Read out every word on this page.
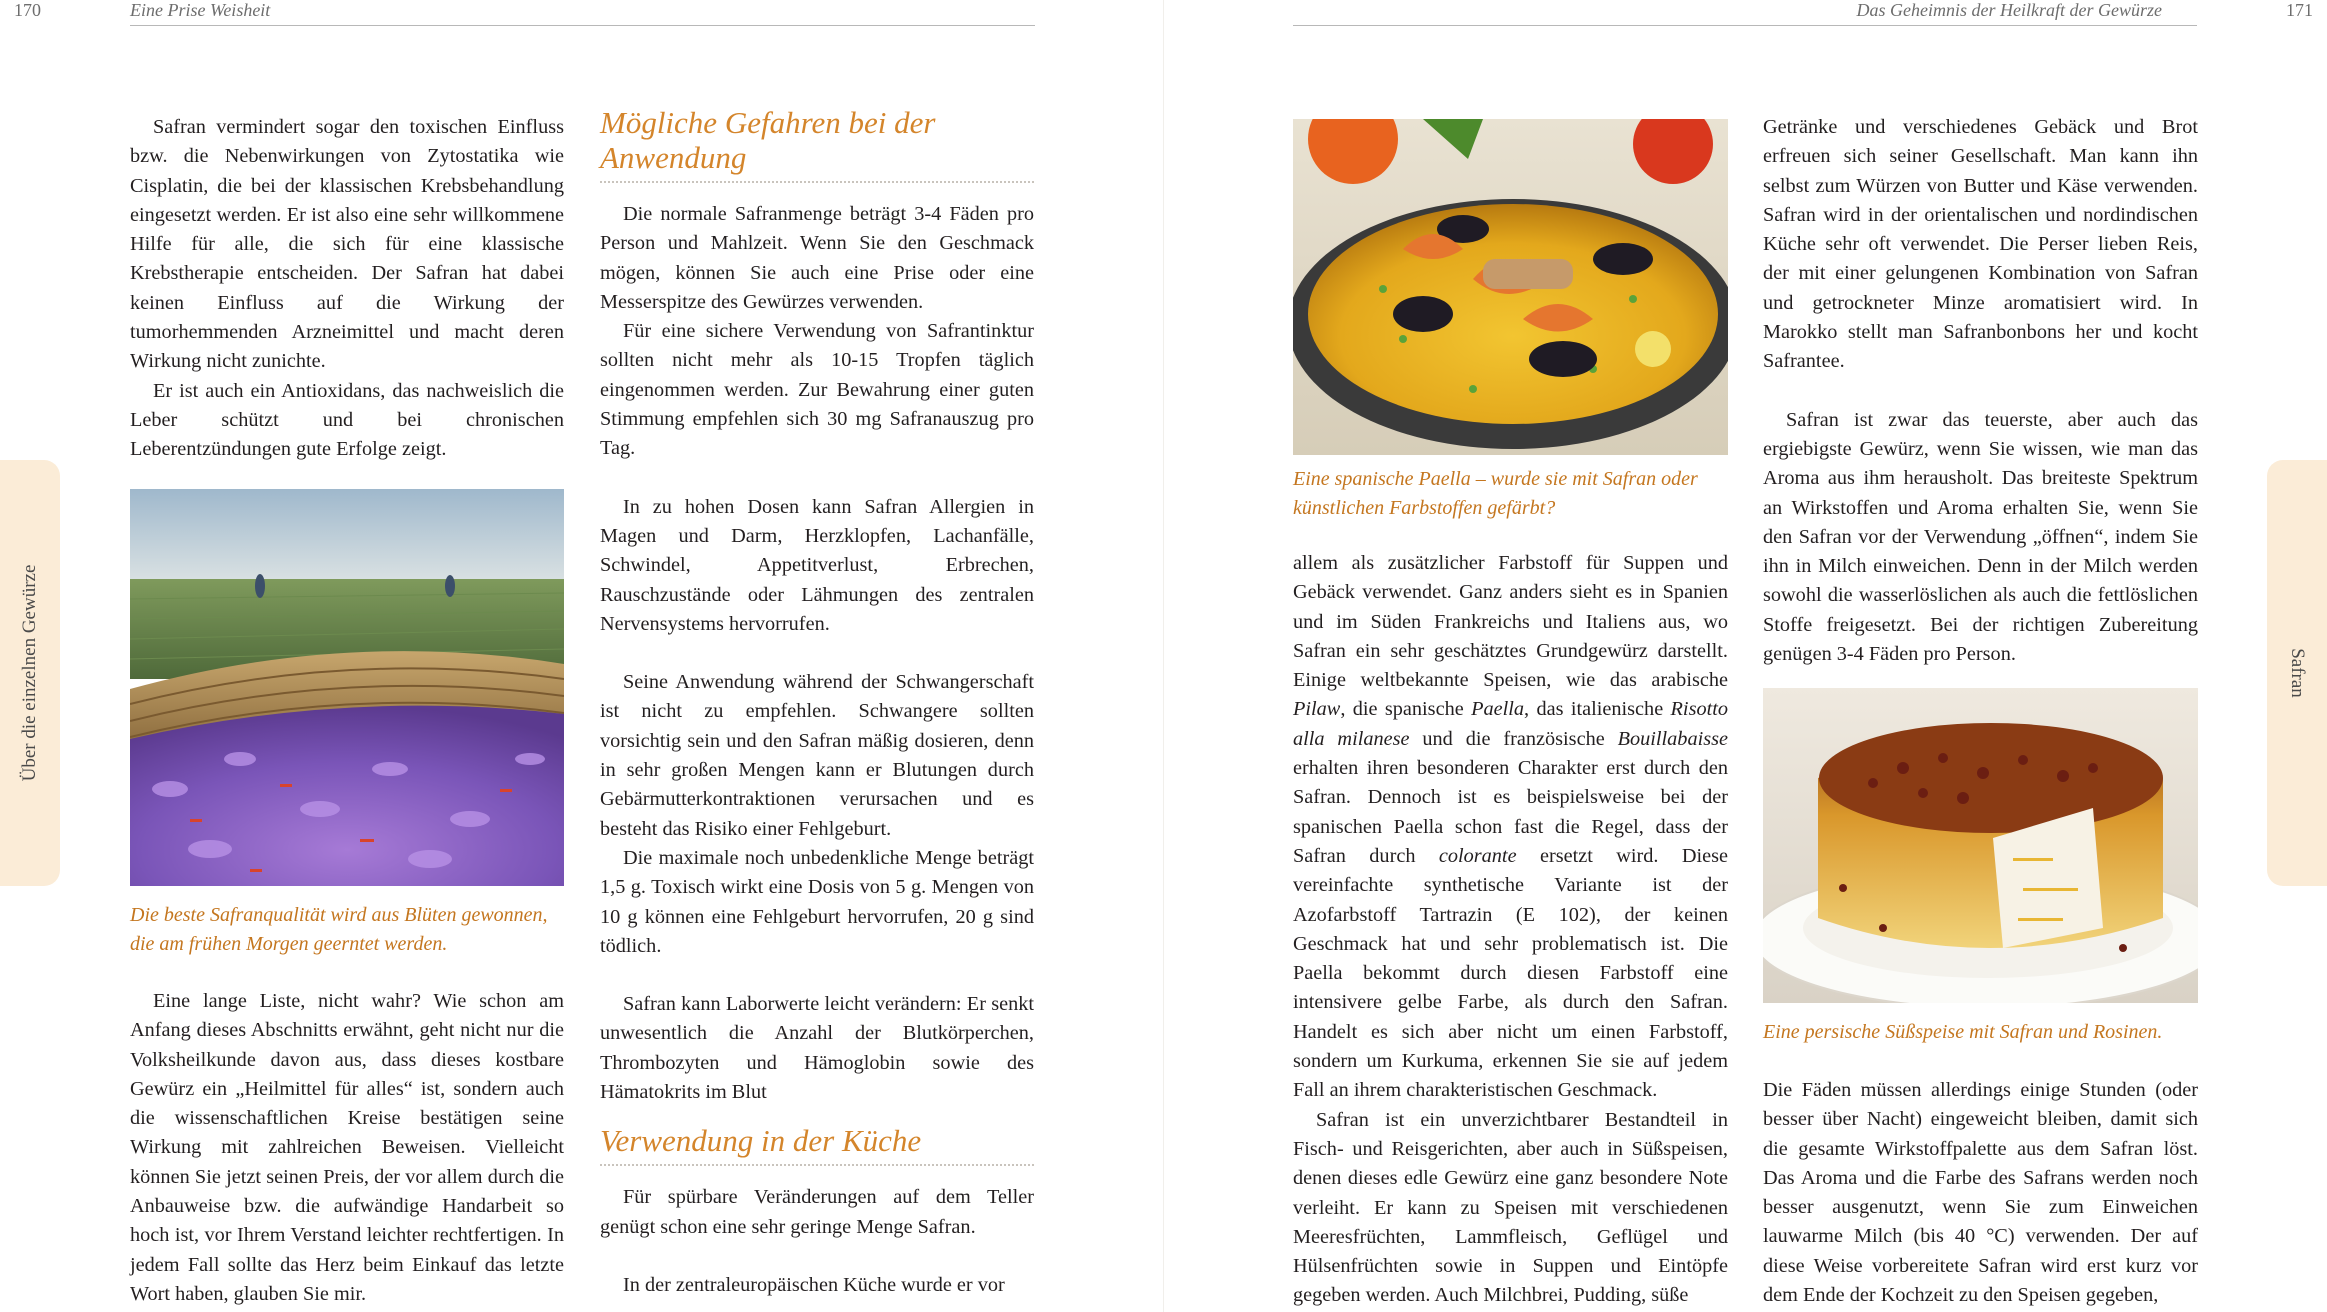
170	Eine Prise Weisheit
Über die einzelnen Gewürze

Safran vermindert sogar den toxischen Einfluss bzw. die Nebenwirkungen von Zytostatika wie Cisplatin, die bei der klassischen Krebsbehandlung eingesetzt werden. Er ist also eine sehr willkommene Hilfe für alle, die sich für eine klassische Krebstherapie entscheiden. Der Safran hat dabei keinen Einfluss auf die Wirkung der tumorhemmenden Arzneimittel und macht deren Wirkung nicht zunichte.

Er ist auch ein Antioxidans, das nachweislich die Leber schützt und bei chronischen Leberentzündungen gute Erfolge zeigt.

Die beste Safranqualität wird aus Blüten gewonnen, die am frühen Morgen geerntet werden.

Eine lange Liste, nicht wahr? Wie schon am Anfang dieses Abschnitts erwähnt, geht nicht nur die Volksheilkunde davon aus, dass dieses kostbare Gewürz ein „Heilmittel für alles“ ist, sondern auch die wissenschaftlichen Kreise bestätigen seine Wirkung mit zahlreichen Beweisen. Vielleicht können Sie jetzt seinen Preis, der vor allem durch die Anbauweise bzw. die aufwändige Handarbeit so hoch ist, vor Ihrem Verstand leichter rechtfertigen. In jedem Fall sollte das Herz beim Einkauf das letzte Wort haben, glauben Sie mir.

Mögliche Gefahren bei der Anwendung

Die normale Safranmenge beträgt 3-4 Fäden pro Person und Mahlzeit. Wenn Sie den Geschmack mögen, können Sie auch eine Prise oder eine Messerspitze des Gewürzes verwenden.

Für eine sichere Verwendung von Safrantinktur sollten nicht mehr als 10-15 Tropfen täglich eingenommen werden. Zur Bewahrung einer guten Stimmung empfehlen sich 30 mg Safranauszug pro Tag.

In zu hohen Dosen kann Safran Allergien in Magen und Darm, Herzklopfen, Lachanfälle, Schwindel, Appetitverlust, Erbrechen, Rauschzustände oder Lähmungen des zentralen Nervensystems hervorrufen.

Seine Anwendung während der Schwangerschaft ist nicht zu empfehlen. Schwangere sollten vorsichtig sein und den Safran mäßig dosieren, denn in sehr großen Mengen kann er Blutungen durch Gebärmutterkontraktionen verursachen und es besteht das Risiko einer Fehlgeburt.

Die maximale noch unbedenkliche Menge beträgt 1,5 g. Toxisch wirkt eine Dosis von 5 g. Mengen von 10 g können eine Fehlgeburt hervorrufen, 20 g sind tödlich.

Safran kann Laborwerte leicht verändern: Er senkt unwesentlich die Anzahl der Blutkörperchen, Thrombozyten und Hämoglobin sowie des Hämatokrits im Blut

Verwendung in der Küche

Für spürbare Veränderungen auf dem Teller genügt schon eine sehr geringe Menge Safran.

In der zentraleuropäischen Küche wurde er vor

Das Geheimnis der Heilkraft der Gewürze	171
Safran
Eine spanische Paella – wurde sie mit Safran oder künstlichen Farbstoffen gefärbt?

allem als zusätzlicher Farbstoff für Suppen und Gebäck verwendet. Ganz anders sieht es in Spanien und im Süden Frankreichs und Italiens aus, wo Safran ein sehr geschätztes Grundgewürz darstellt. Einige weltbekannte Speisen, wie das arabische Pilaw, die spanische Paella, das italienische Risotto alla milanese und die französische Bouillabaisse erhalten ihren besonderen Charakter erst durch den Safran. Dennoch ist es beispielsweise bei der spanischen Paella schon fast die Regel, dass der Safran durch colorante ersetzt wird. Diese vereinfachte synthetische Variante ist der Azofarbstoff Tartrazin (E 102), der keinen Geschmack hat und sehr problematisch ist. Die Paella bekommt durch diesen Farbstoff eine intensivere gelbe Farbe, als durch den Safran. Handelt es sich aber nicht um einen Farbstoff, sondern um Kurkuma, erkennen Sie sie auf jedem Fall an ihrem charakteristischen Geschmack.

Safran ist ein unverzichtbarer Bestandteil in Fisch- und Reisgerichten, aber auch in Süßspeisen, denen dieses edle Gewürz eine ganz besondere Note verleiht. Er kann zu Speisen mit verschiedenen Meeresfrüchten, Lammfleisch, Geflügel und Hülsenfrüchten sowie in Suppen und Eintöpfe gegeben werden. Auch Milchbrei, Pudding, süße

Getränke und verschiedenes Gebäck und Brot erfreuen sich seiner Gesellschaft. Man kann ihn selbst zum Würzen von Butter und Käse verwenden. Safran wird in der orientalischen und nordindischen Küche sehr oft verwendet. Die Perser lieben Reis, der mit einer gelungenen Kombination von Safran und getrockneter Minze aromatisiert wird. In Marokko stellt man Safranbonbons her und kocht Safrantee.

Safran ist zwar das teuerste, aber auch das ergiebigste Gewürz, wenn Sie wissen, wie man das Aroma aus ihm herausholt. Das breiteste Spektrum an Wirkstoffen und Aroma erhalten Sie, wenn Sie den Safran vor der Verwendung „öffnen“, indem Sie ihn in Milch einweichen. Denn in der Milch werden sowohl die wasserlöslichen als auch die fettlöslichen Stoffe freigesetzt. Bei der richtigen Zubereitung genügen 3-4 Fäden pro Person.

Eine persische Süßspeise mit Safran und Rosinen.

Die Fäden müssen allerdings einige Stunden (oder besser über Nacht) eingeweicht bleiben, damit sich die gesamte Wirkstoffpalette aus dem Safran löst. Das Aroma und die Farbe des Safrans werden noch besser ausgenutzt, wenn Sie zum Einweichen lauwarme Milch (bis 40 °C) verwenden. Der auf diese Weise vorbereitete Safran wird erst kurz vor dem Ende der Kochzeit zu den Speisen gegeben,
